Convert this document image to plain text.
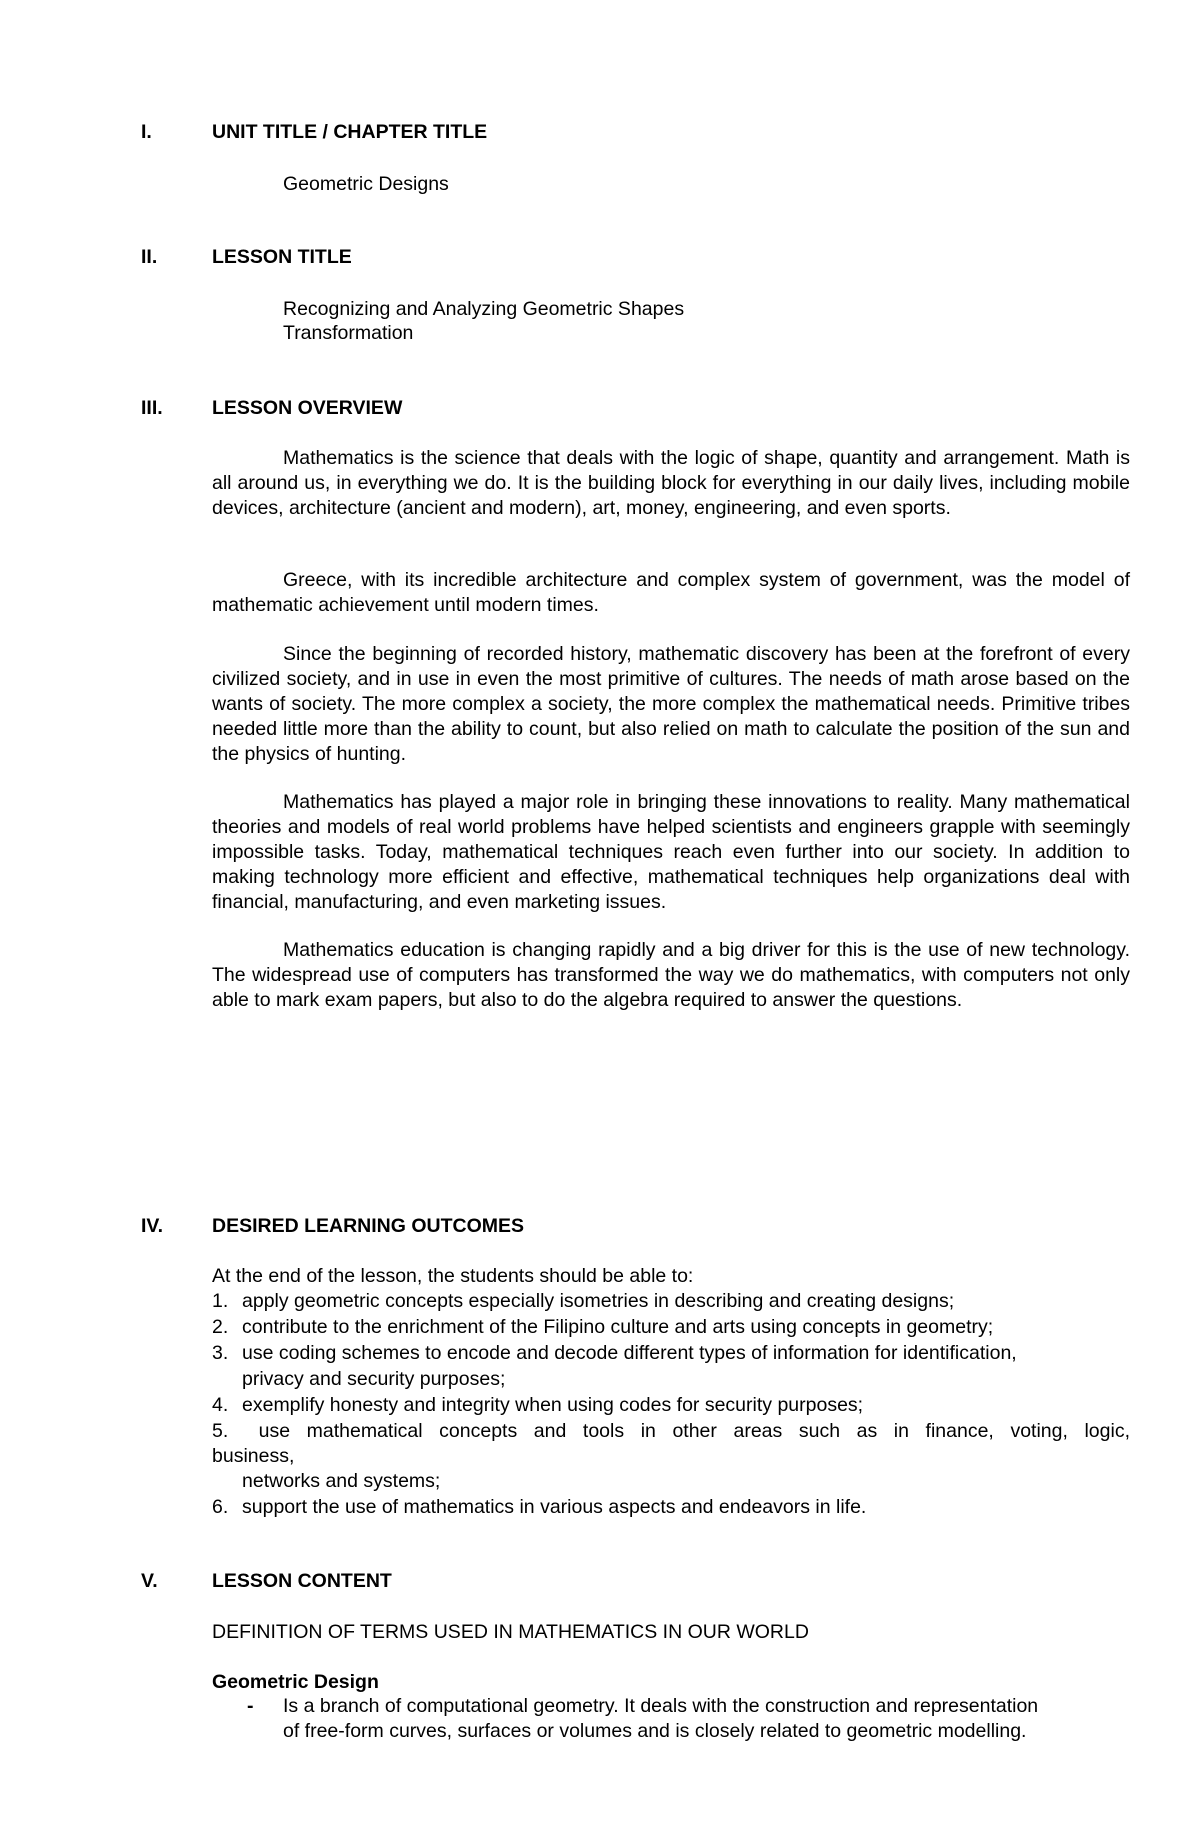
I.	UNIT TITLE / CHAPTER TITLE
Geometric Designs
II.	LESSON TITLE
Recognizing and Analyzing Geometric Shapes
Transformation
III.	LESSON OVERVIEW

Mathematics is the science that deals with the logic of shape, quantity and arrangement. Math is all around us, in everything we do. It is the building block for everything in our daily lives, including mobile devices, architecture (ancient and modern), art, money, engineering, and even sports.

Greece, with its incredible architecture and complex system of government, was the model of mathematic achievement until modern times.

Since the beginning of recorded history, mathematic discovery has been at the forefront of every civilized society, and in use in even the most primitive of cultures. The needs of math arose based on the wants of society. The more complex a society, the more complex the mathematical needs. Primitive tribes needed little more than the ability to count, but also relied on math to calculate the position of the sun and the physics of hunting.

Mathematics has played a major role in bringing these innovations to reality. Many mathematical theories and models of real world problems have helped scientists and engineers grapple with seemingly impossible tasks. Today, mathematical techniques reach even further into our society. In addition to making technology more efficient and effective, mathematical techniques help organizations deal with financial, manufacturing, and even marketing issues.

Mathematics education is changing rapidly and a big driver for this is the use of new technology. The widespread use of computers has transformed the way we do mathematics, with computers not only able to mark exam papers, but also to do the algebra required to answer the questions.

IV.	DESIRED LEARNING OUTCOMES
At the end of the lesson, the students should be able to:
1. apply geometric concepts especially isometries in describing and creating designs;
2. contribute to the enrichment of the Filipino culture and arts using concepts in geometry;
3. use coding schemes to encode and decode different types of information for identification,
privacy and security purposes;
4. exemplify honesty and integrity when using codes for security purposes;
5. use mathematical concepts and tools in other areas such as in finance, voting, logic,
business,
networks and systems;
6. support the use of mathematics in various aspects and endeavors in life.
V.	LESSON CONTENT
DEFINITION OF TERMS USED IN MATHEMATICS IN OUR WORLD
Geometric Design
- Is a branch of computational geometry. It deals with the construction and representation
of free-form curves, surfaces or volumes and is closely related to geometric modelling.
